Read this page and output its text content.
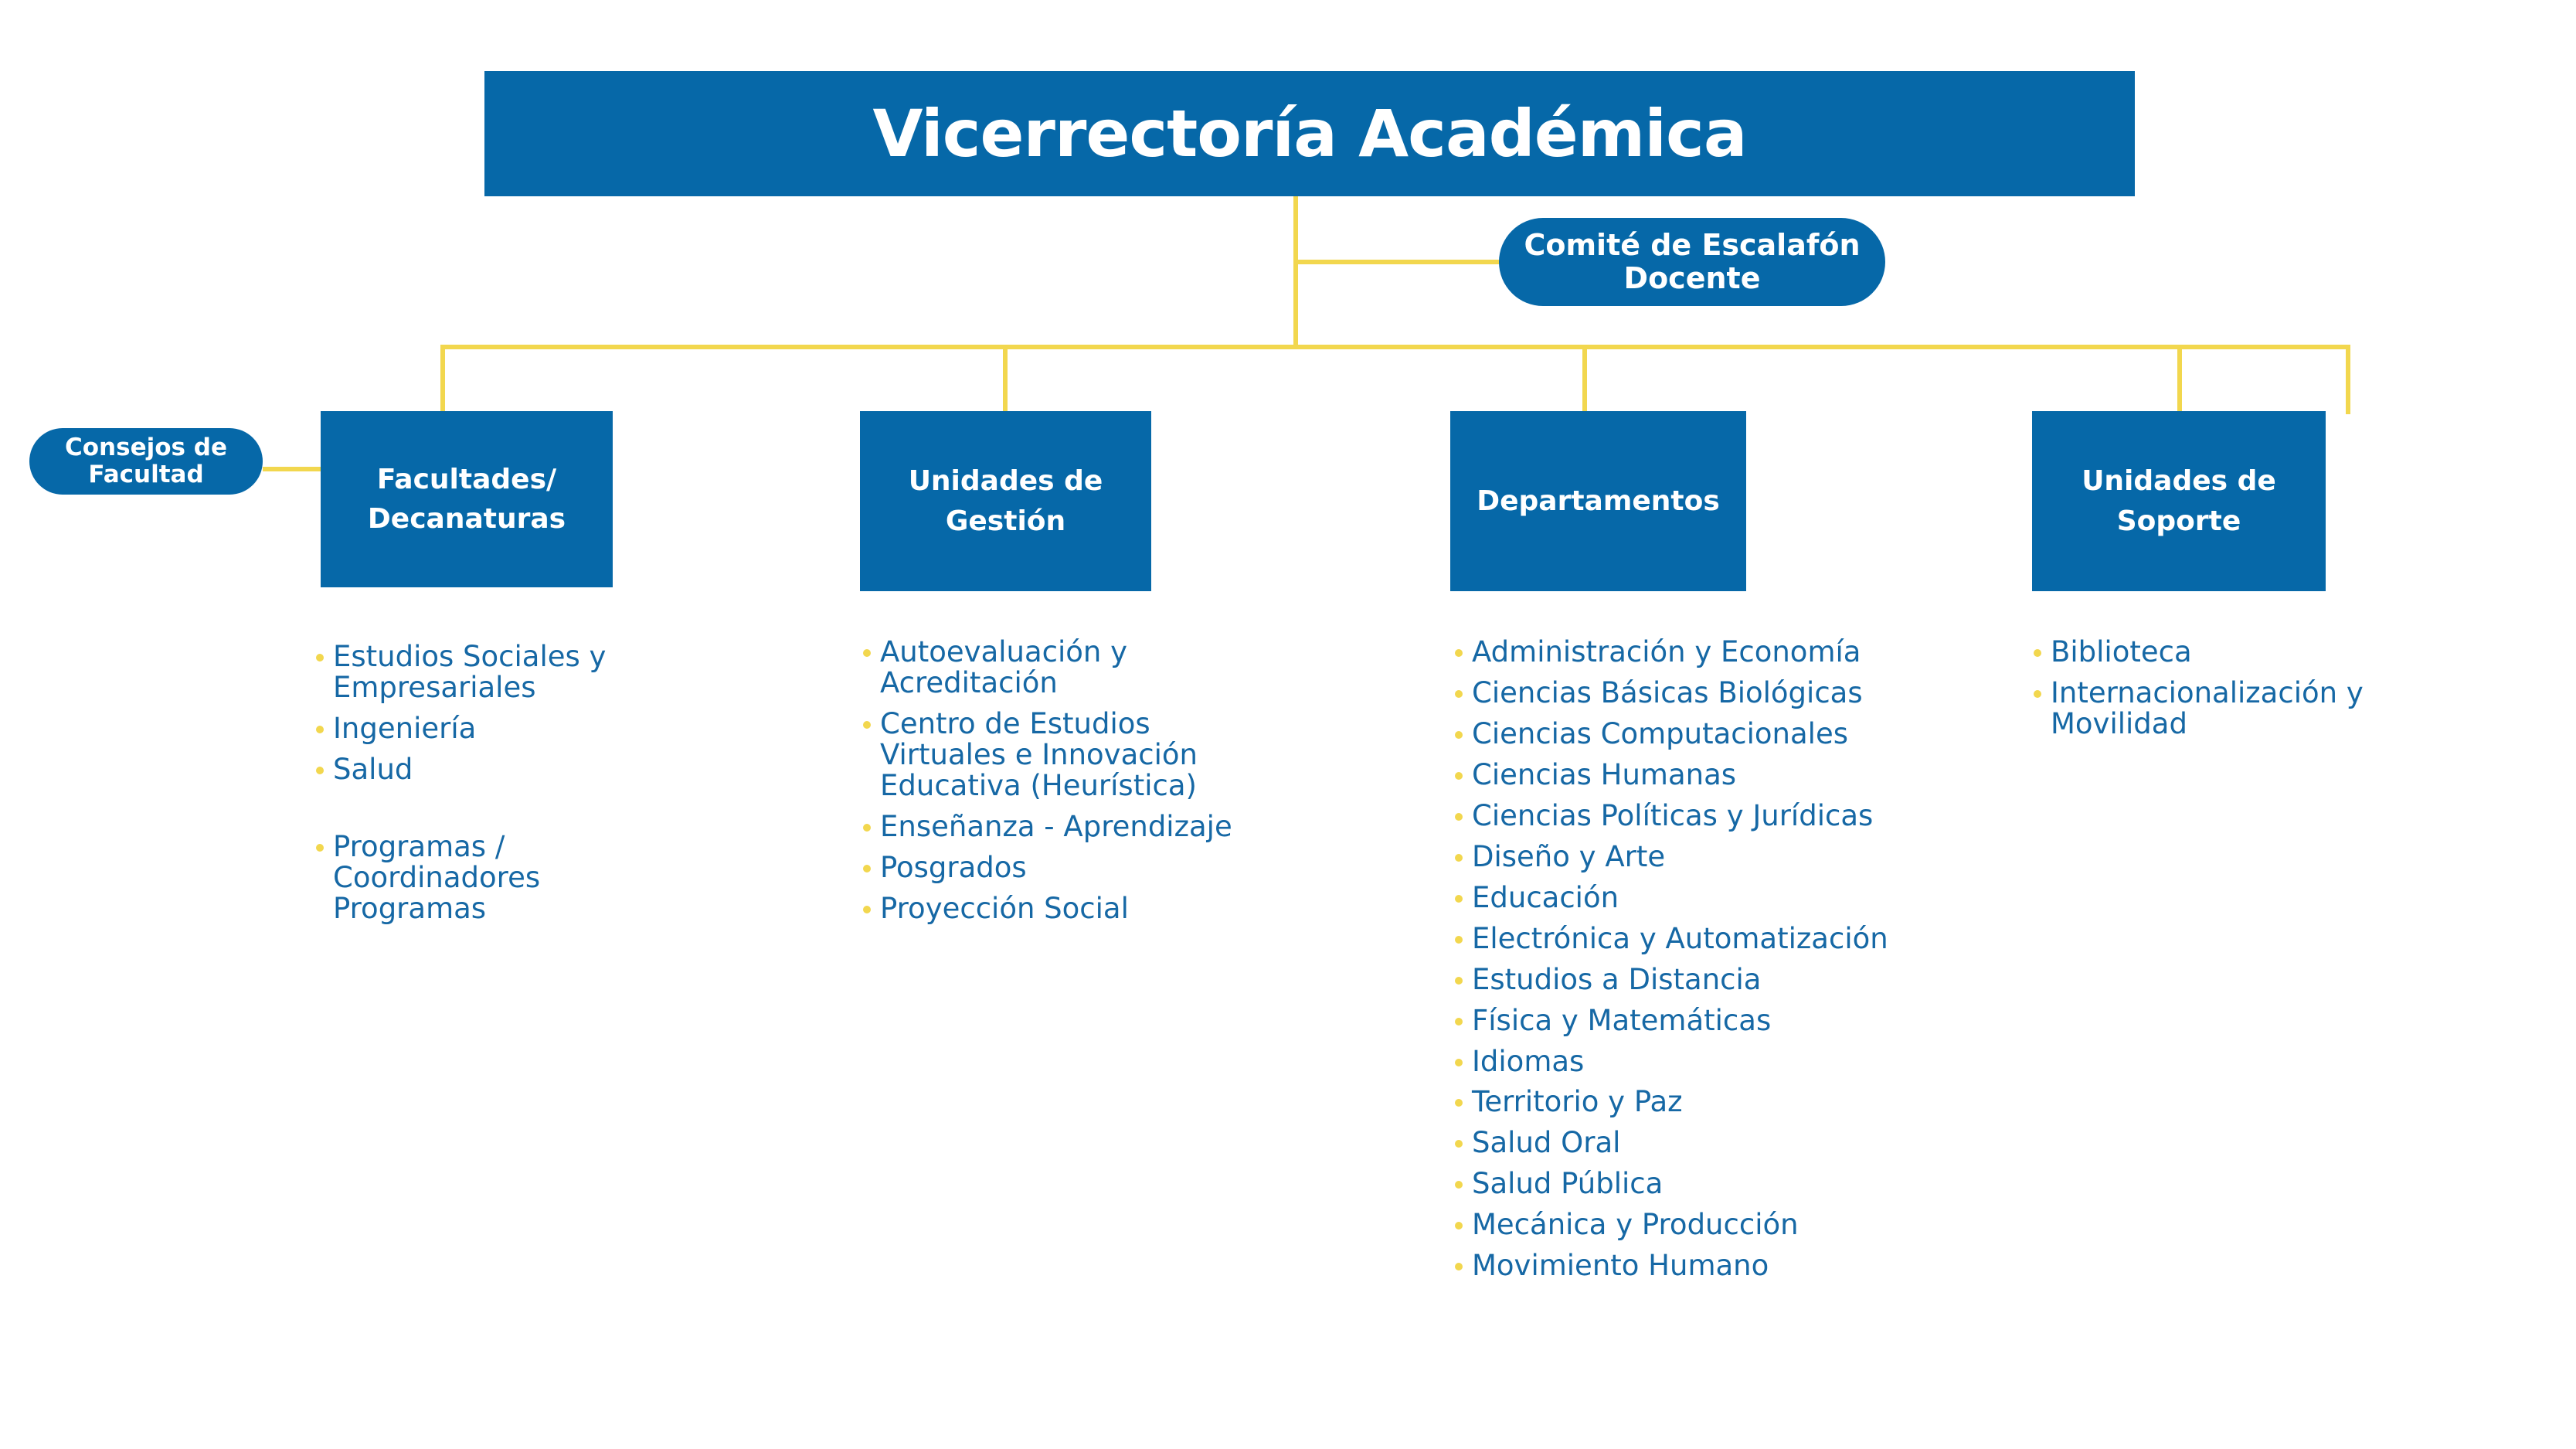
Vicerrectoría Académica
Comité de Escalafón Docente
Consejos de Facultad	Facultades/ Decanaturas
Estudios Sociales y Empresariales
Ingeniería
Salud
Programas / Coordinadores Programas
Unidades de Gestión
Autoevaluación y Acreditación
Centro de Estudios Virtuales e Innovación Educativa (Heurística)
Enseñanza - Aprendizaje
Posgrados
Proyección Social
Departamentos
Administración y Economía
Ciencias Básicas Biológicas
Ciencias Computacionales
Ciencias Humanas
Ciencias Políticas y Jurídicas
Diseño y Arte
Educación
Electrónica y Automatización
Estudios a Distancia
Física y Matemáticas
Idiomas
Territorio y Paz
Salud Oral
Salud Pública
Mecánica y Producción
Movimiento Humano
Unidades de Soporte
Biblioteca
Internacionalización y Movilidad
